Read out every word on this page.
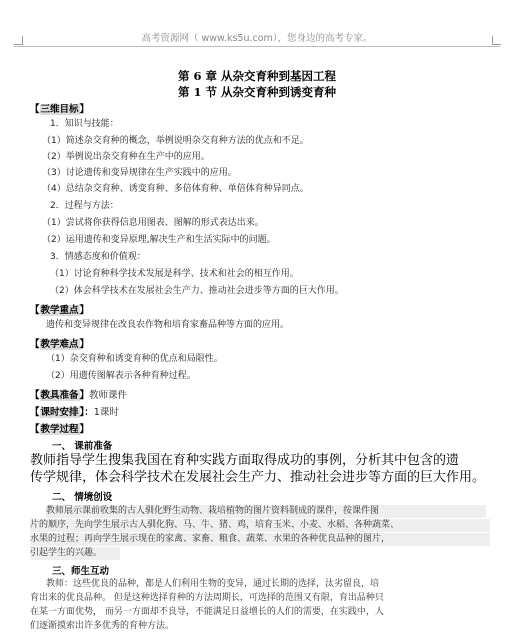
高考资源网（ www.ks5u.com），您身边的高考专家。
第 6 章 从杂交育种到基因工程
第 1 节 从杂交育种到诱变育种
【三维目标】
1．知识与技能：
（1）简述杂交育种的概念，举例说明杂交育种方法的优点和不足。
（2）举例说出杂交育种在生产中的应用。
（3）讨论遗传和变异规律在生产实践中的应用。
（4）总结杂交育种、诱变育种、多倍体育种、单倍体育种异同点。
2．过程与方法：
（1）尝试将你获得信息用图表、图解的形式表达出来。
（2）运用遗传和变异原理,解决生产和生活实际中的问题。
3．情感态度和价值观：
（1）讨论育种科学技术发展是科学、技术和社会的相互作用。
（2）体会科学技术在发展社会生产力、推动社会进步等方面的巨大作用。
【教学重点】
遗传和变异规律在改良农作物和培育家畜品种等方面的应用。
【教学难点】
（1）杂交育种和诱变育种的优点和局限性。
（2）用遗传图解表示各种育种过程。
【教具准备】教师课件
【课时安排】：1课时
【教学过程】
一、 课前准备
教师指导学生搜集我国在育种实践方面取得成功的事例，分析其中包含的遗
传学规律，体会科学技术在发展社会生产力、推动社会进步等方面的巨大作用。
二、 情境创设
教师展示课前收集的古人驯化野生动物、栽培植物的图片资料制成的课件，按课件图
片的顺序，先向学生展示古人驯化狗、马、牛、猪、鸡，培育玉米、小麦、水稻、各种蔬菜、
水果的过程；再向学生展示现在的家禽、家畜、粮食、蔬菜、水果的各种优良品种的图片，
引起学生的兴趣。
三、师生互动
教师：这些优良的品种，都是人们利用生物的变异，通过长期的选择，汰劣留良，培
育出来的优良品种。 但是这种选择育种的方法周期长，可选择的范围又有限，育出品种只
在某一方面优势， 而另一方面却不良导，不能满足日益增长的人们的需要，在实践中，人
们逐渐摸索出许多优秀的育种方法。
